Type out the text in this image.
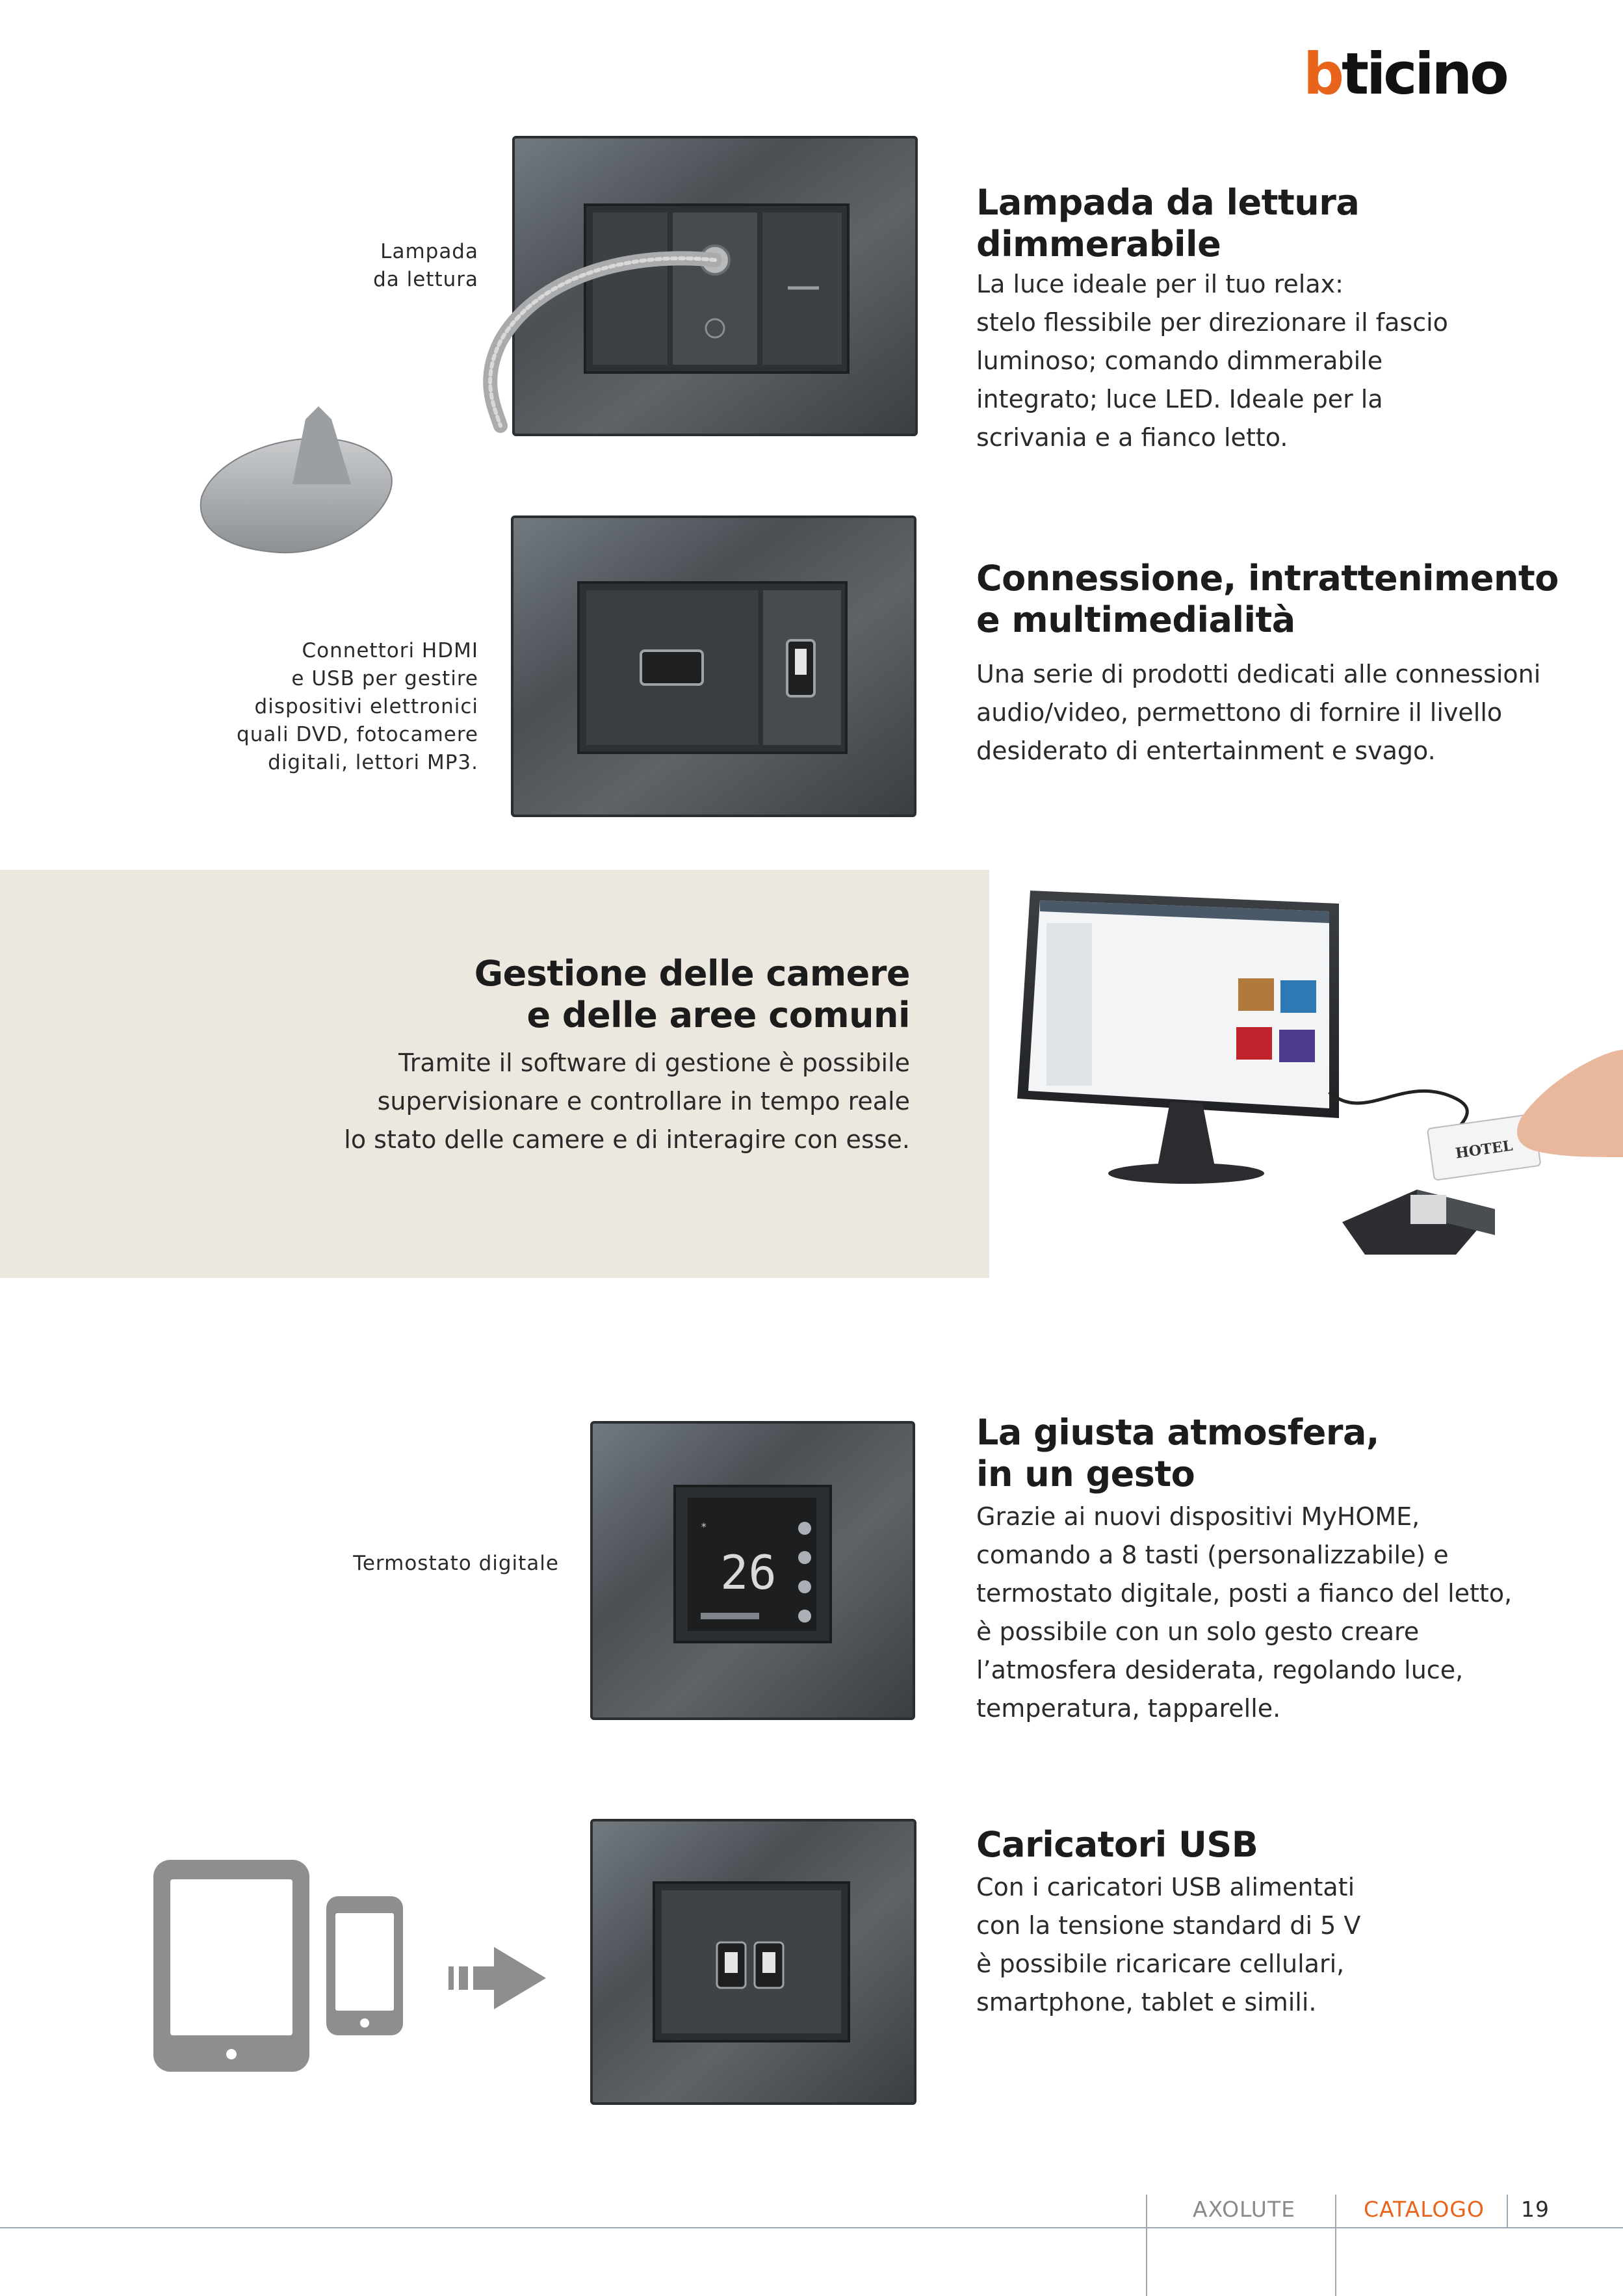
bticino
Lampada
da lettura
Lampada da lettura
dimmerabile

La luce ideale per il tuo relax:

stelo flessibile per direzionare il fascio

luminoso; comando dimmerabile

integrato; luce LED. Ideale per la

scrivania e a fianco letto.

Connettori HDMI
e USB per gestire
dispositivi elettronici
quali DVD, fotocamere
digitali, lettori MP3.
Connessione, intrattenimento
e multimedialità

Una serie di prodotti dedicati alle connessioni

audio/video, permettono di fornire il livello

desiderato di entertainment e svago.

Gestione delle camere
e delle aree comuni

Tramite il software di gestione è possibile

supervisionare e controllare in tempo reale

lo stato delle camere e di interagire con esse.	HOTEL
Termostato digitale	26
*
La giusta atmosfera,
in un gesto

Grazie ai nuovi dispositivi MyHOME,

comando a 8 tasti (personalizzabile) e

termostato digitale, posti a fianco del letto,

è possibile con un solo gesto creare

l’atmosfera desiderata, regolando luce,

temperatura, tapparelle.

Caricatori USB

Con i caricatori USB alimentati

con la tensione standard di 5 V

è possibile ricaricare cellulari,

smartphone, tablet e simili.

AXOLUTE	CATALOGO 19
